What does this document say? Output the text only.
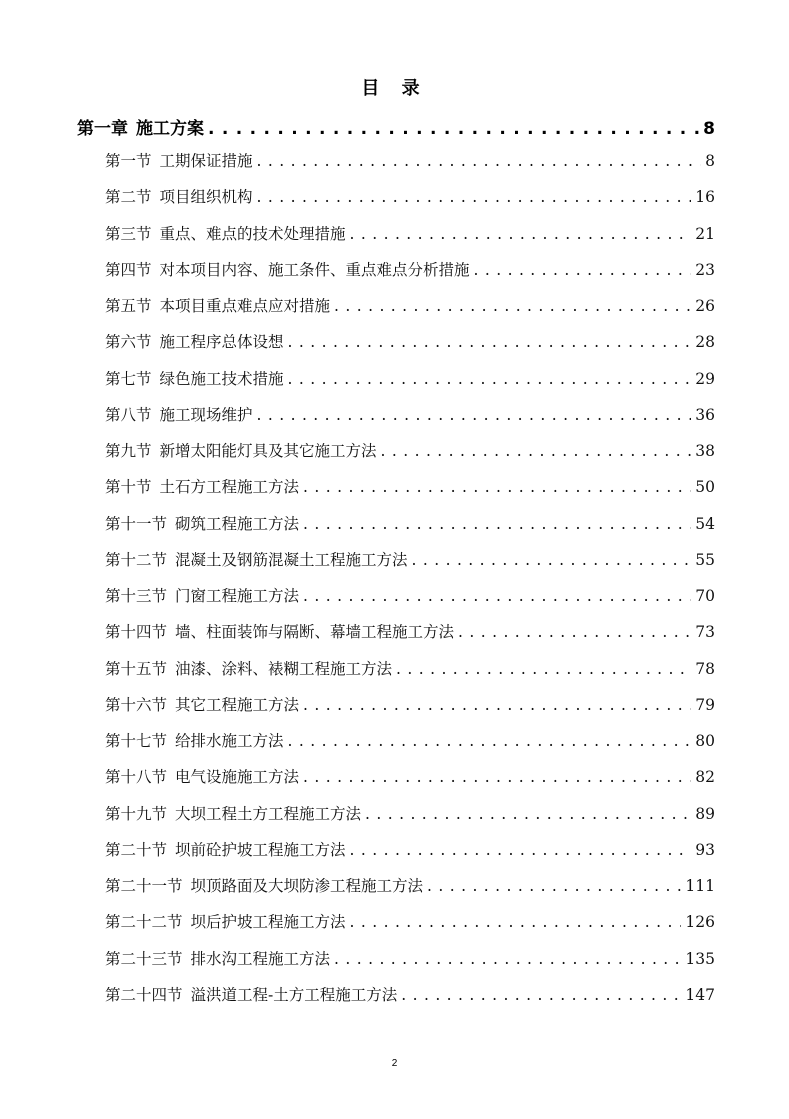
目 录
第一章 施工方案 . . .	8
第一节 工期保证措施 . . .	8
第二节 项目组织机构 . . .	16
第三节 重点、难点的技术处理措施 . . .	21
第四节 对本项目内容、施工条件、重点难点分析措施 . . .	23
第五节 本项目重点难点应对措施 . . .	26
第六节 施工程序总体设想 . . .	28
第七节 绿色施工技术措施 . . .	29
第八节 施工现场维护 . . .	36
第九节 新增太阳能灯具及其它施工方法 . . .	38
第十节 土石方工程施工方法 . . .	50
第十一节 砌筑工程施工方法 . . .	54
第十二节 混凝土及钢筋混凝土工程施工方法 . . .	55
第十三节 门窗工程施工方法 . . .	70
第十四节 墙、柱面装饰与隔断、幕墙工程施工方法 . . .	73
第十五节 油漆、涂料、裱糊工程施工方法 . . .	78
第十六节 其它工程施工方法 . . .	79
第十七节 给排水施工方法 . . .	80
第十八节 电气设施施工方法 . . .	82
第十九节 大坝工程土方工程施工方法 . . .	89
第二十节 坝前砼护坡工程施工方法 . . .	93
第二十一节 坝顶路面及大坝防渗工程施工方法 . . .	111
第二十二节 坝后护坡工程施工方法 . . .	126
第二十三节 排水沟工程施工方法 . . .	135
第二十四节 溢洪道工程-土方工程施工方法 . . .	147
2
